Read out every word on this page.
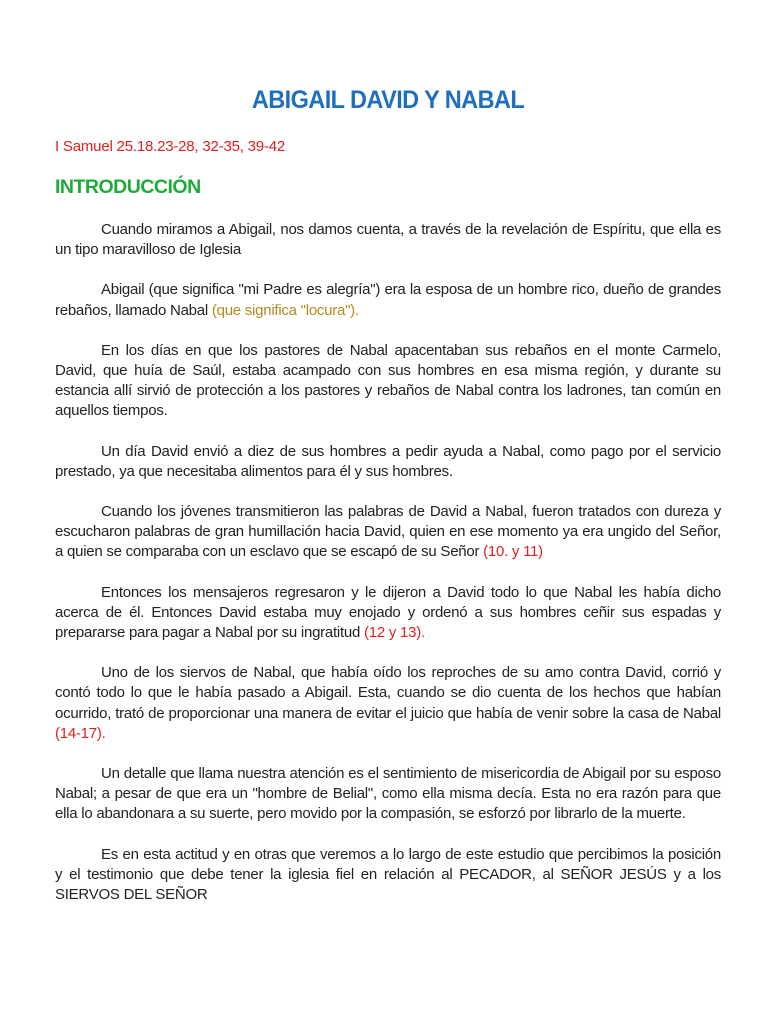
ABIGAIL DAVID Y NABAL

I Samuel 25.18.23-28, 32-35, 39-42

INTRODUCCIÓN

Cuando miramos a Abigail, nos damos cuenta, a través de la revelación de Espíritu, que ella es un tipo maravilloso de Iglesia

Abigail (que significa "mi Padre es alegría") era la esposa de un hombre rico, dueño de grandes rebaños, llamado Nabal (que significa "locura").

En los días en que los pastores de Nabal apacentaban sus rebaños en el monte Carmelo, David, que huía de Saúl, estaba acampado con sus hombres en esa misma región, y durante su estancia allí sirvió de protección a los pastores y rebaños de Nabal contra los ladrones, tan común en aquellos tiempos.

Un día David envió a diez de sus hombres a pedir ayuda a Nabal, como pago por el servicio prestado, ya que necesitaba alimentos para él y sus hombres.

Cuando los jóvenes transmitieron las palabras de David a Nabal, fueron tratados con dureza y escucharon palabras de gran humillación hacia David, quien en ese momento ya era ungido del Señor, a quien se comparaba con un esclavo que se escapó de su Señor (10. y 11)

Entonces los mensajeros regresaron y le dijeron a David todo lo que Nabal les había dicho acerca de él. Entonces David estaba muy enojado y ordenó a sus hombres ceñir sus espadas y prepararse para pagar a Nabal por su ingratitud (12 y 13).

Uno de los siervos de Nabal, que había oído los reproches de su amo contra David, corrió y contó todo lo que le había pasado a Abigail. Esta, cuando se dio cuenta de los hechos que habían ocurrido, trató de proporcionar una manera de evitar el juicio que había de venir sobre la casa de Nabal (14-17).

Un detalle que llama nuestra atención es el sentimiento de misericordia de Abigail por su esposo Nabal; a pesar de que era un "hombre de Belial", como ella misma decía. Esta no era razón para que ella lo abandonara a su suerte, pero movido por la compasión, se esforzó por librarlo de la muerte.

Es en esta actitud y en otras que veremos a lo largo de este estudio que percibimos la posición y el testimonio que debe tener la iglesia fiel en relación al PECADOR, al SEÑOR JESÚS y a los SIERVOS DEL SEÑOR
